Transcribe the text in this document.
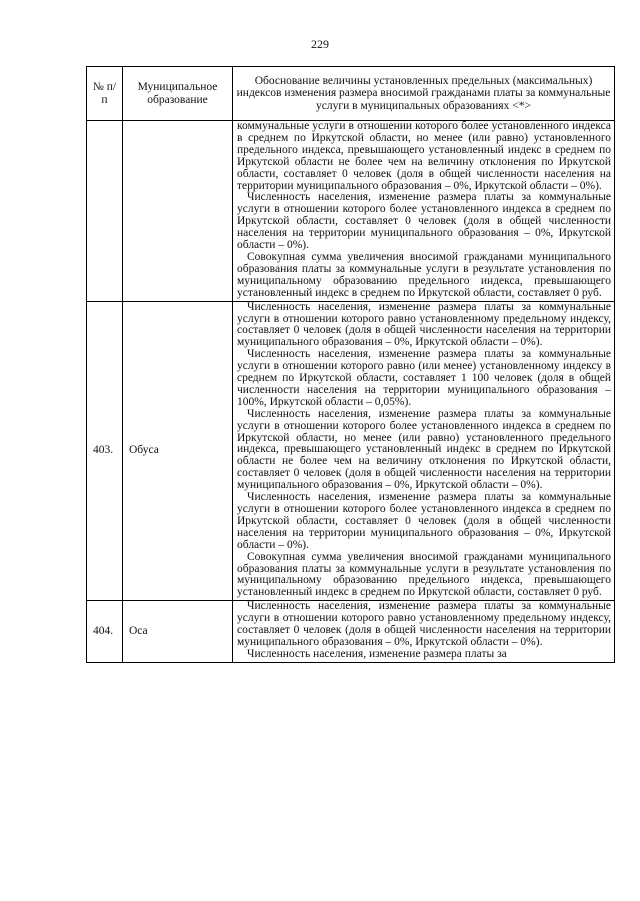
229
№ п/п	Муниципальное образование	Обоснование величины установленных предельных (максимальных) индексов изменения размера вносимой гражданами платы за коммунальные услуги в муниципальных образованиях <*>

		коммунальные услуги в отношении которого более установленного индекса в среднем по Иркутской области, но менее (или равно) установленного предельного индекса, превышающего установленный индекс в среднем по Иркутской области не более чем на величину отклонения по Иркутской области, составляет 0 человек (доля в общей численности населения на территории муниципального образования – 0%, Иркутской области – 0%).

Численность населения, изменение размера платы за коммунальные услуги в отношении которого более установленного индекса в среднем по Иркутской области, составляет 0 человек (доля в общей численности населения на территории муниципального образования – 0%, Иркутской области – 0%).

Совокупная сумма увеличения вносимой гражданами муниципального образования платы за коммунальные услуги в результате установления по муниципальному образованию предельного индекса, превышающего установленный индекс в среднем по Иркутской области, составляет 0 руб.

403.	Обуса	Численность населения, изменение размера платы за коммунальные услуги в отношении которого равно установленному предельному индексу, составляет 0 человек (доля в общей численности населения на территории муниципального образования – 0%, Иркутской области – 0%).

Численность населения, изменение размера платы за коммунальные услуги в отношении которого равно (или менее) установленному индексу в среднем по Иркутской области, составляет 1 100 человек (доля в общей численности населения на территории муниципального образования – 100%, Иркутской области – 0,05%).

Численность населения, изменение размера платы за коммунальные услуги в отношении которого более установленного индекса в среднем по Иркутской области, но менее (или равно) установленного предельного индекса, превышающего установленный индекс в среднем по Иркутской области не более чем на величину отклонения по Иркутской области, составляет 0 человек (доля в общей численности населения на территории муниципального образования – 0%, Иркутской области – 0%).

Численность населения, изменение размера платы за коммунальные услуги в отношении которого более установленного индекса в среднем по Иркутской области, составляет 0 человек (доля в общей численности населения на территории муниципального образования – 0%, Иркутской области – 0%).

Совокупная сумма увеличения вносимой гражданами муниципального образования платы за коммунальные услуги в результате установления по муниципальному образованию предельного индекса, превышающего установленный индекс в среднем по Иркутской области, составляет 0 руб.

404.	Оса	Численность населения, изменение размера платы за коммунальные услуги в отношении которого равно установленному предельному индексу, составляет 0 человек (доля в общей численности населения на территории муниципального образования – 0%, Иркутской области – 0%).

Численность населения, изменение размера платы за
